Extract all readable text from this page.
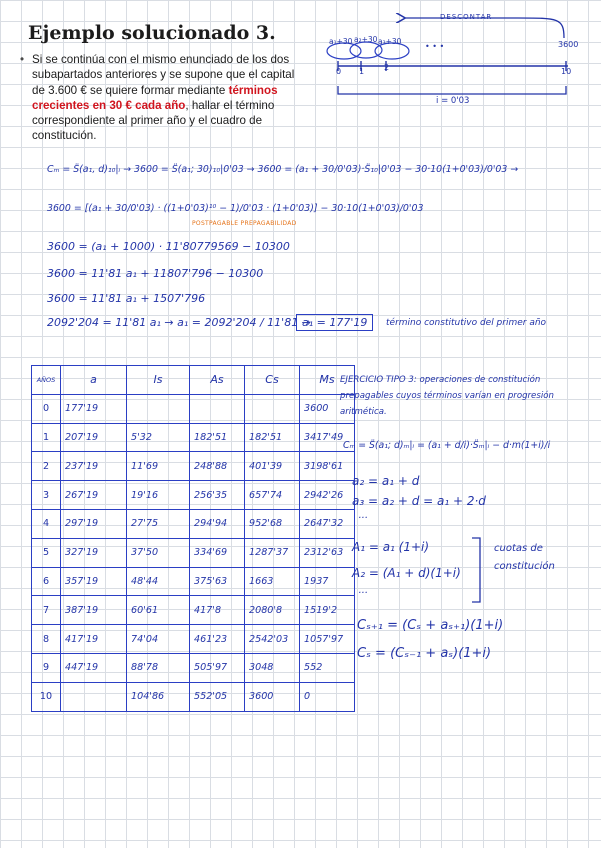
Ejemplo solucionado 3.
• Si se continúa con el mismo enunciado de los dos subapartados anteriores y se supone que el capital de 3.600 € se quiere formar mediante términos crecientes en 30 € cada año, hallar el término correspondiente al primer año y el cuadro de constitución.
DESCONTAR
a₁+30 a₂+30 a₃+30
• • •	3600
0 1 2	10
i = 0'03
Cₘ = S̈(a₁, d)₁₀|ᵢ → 3600 = S̈(a₁; 30)₁₀|0'03 → 3600 = (a₁ + 30/0'03)·S̈₁₀|0'03 − 30·10(1+0'03)/0'03 →
3600 = [(a₁ + 30/0'03) · ((1+0'03)¹⁰ − 1)/0'03 · (1+0'03)] − 30·10(1+0'03)/0'03
POSTPAGABLE PREPAGABILIDAD
3600 = (a₁ + 1000) · 11'80779569 − 10300
3600 = 11'81 a₁ + 11807'796 − 10300
3600 = 11'81 a₁ + 1507'796
2092'204 = 11'81 a₁ → a₁ = 2092'204 / 11'81 →
a₁ = 177'19	término constitutivo del primer año
AÑOS	a	Is	As	Cs	Ms
0	177'19				3600
1	207'19	5'32	182'51	182'51	3417'49
2	237'19	11'69	248'88	401'39	3198'61
3	267'19	19'16	256'35	657'74	2942'26
4	297'19	27'75	294'94	952'68	2647'32
5	327'19	37'50	334'69	1287'37	2312'63
6	357'19	48'44	375'63	1663	1937
7	387'19	60'61	417'8	2080'8	1519'2
8	417'19	74'04	461'23	2542'03	1057'97
9	447'19	88'78	505'97	3048	552
10		104'86	552'05	3600	0
EJERCICIO TIPO 3: operaciones de constitución prepagables cuyos términos varían en progresión aritmética.
Cₘ = S̈(a₁; d)ₘ|ᵢ = (a₁ + d/i)·S̈ₘ|ᵢ − d·m(1+i)/i
a₂ = a₁ + d
a₃ = a₂ + d = a₁ + 2·d
···
A₁ = a₁ (1+i)
A₂ = (A₁ + d)(1+i)
···
cuotas de constitución
Cₛ₊₁ = (Cₛ + aₛ₊₁)(1+i)
Cₛ = (Cₛ₋₁ + aₛ)(1+i)
